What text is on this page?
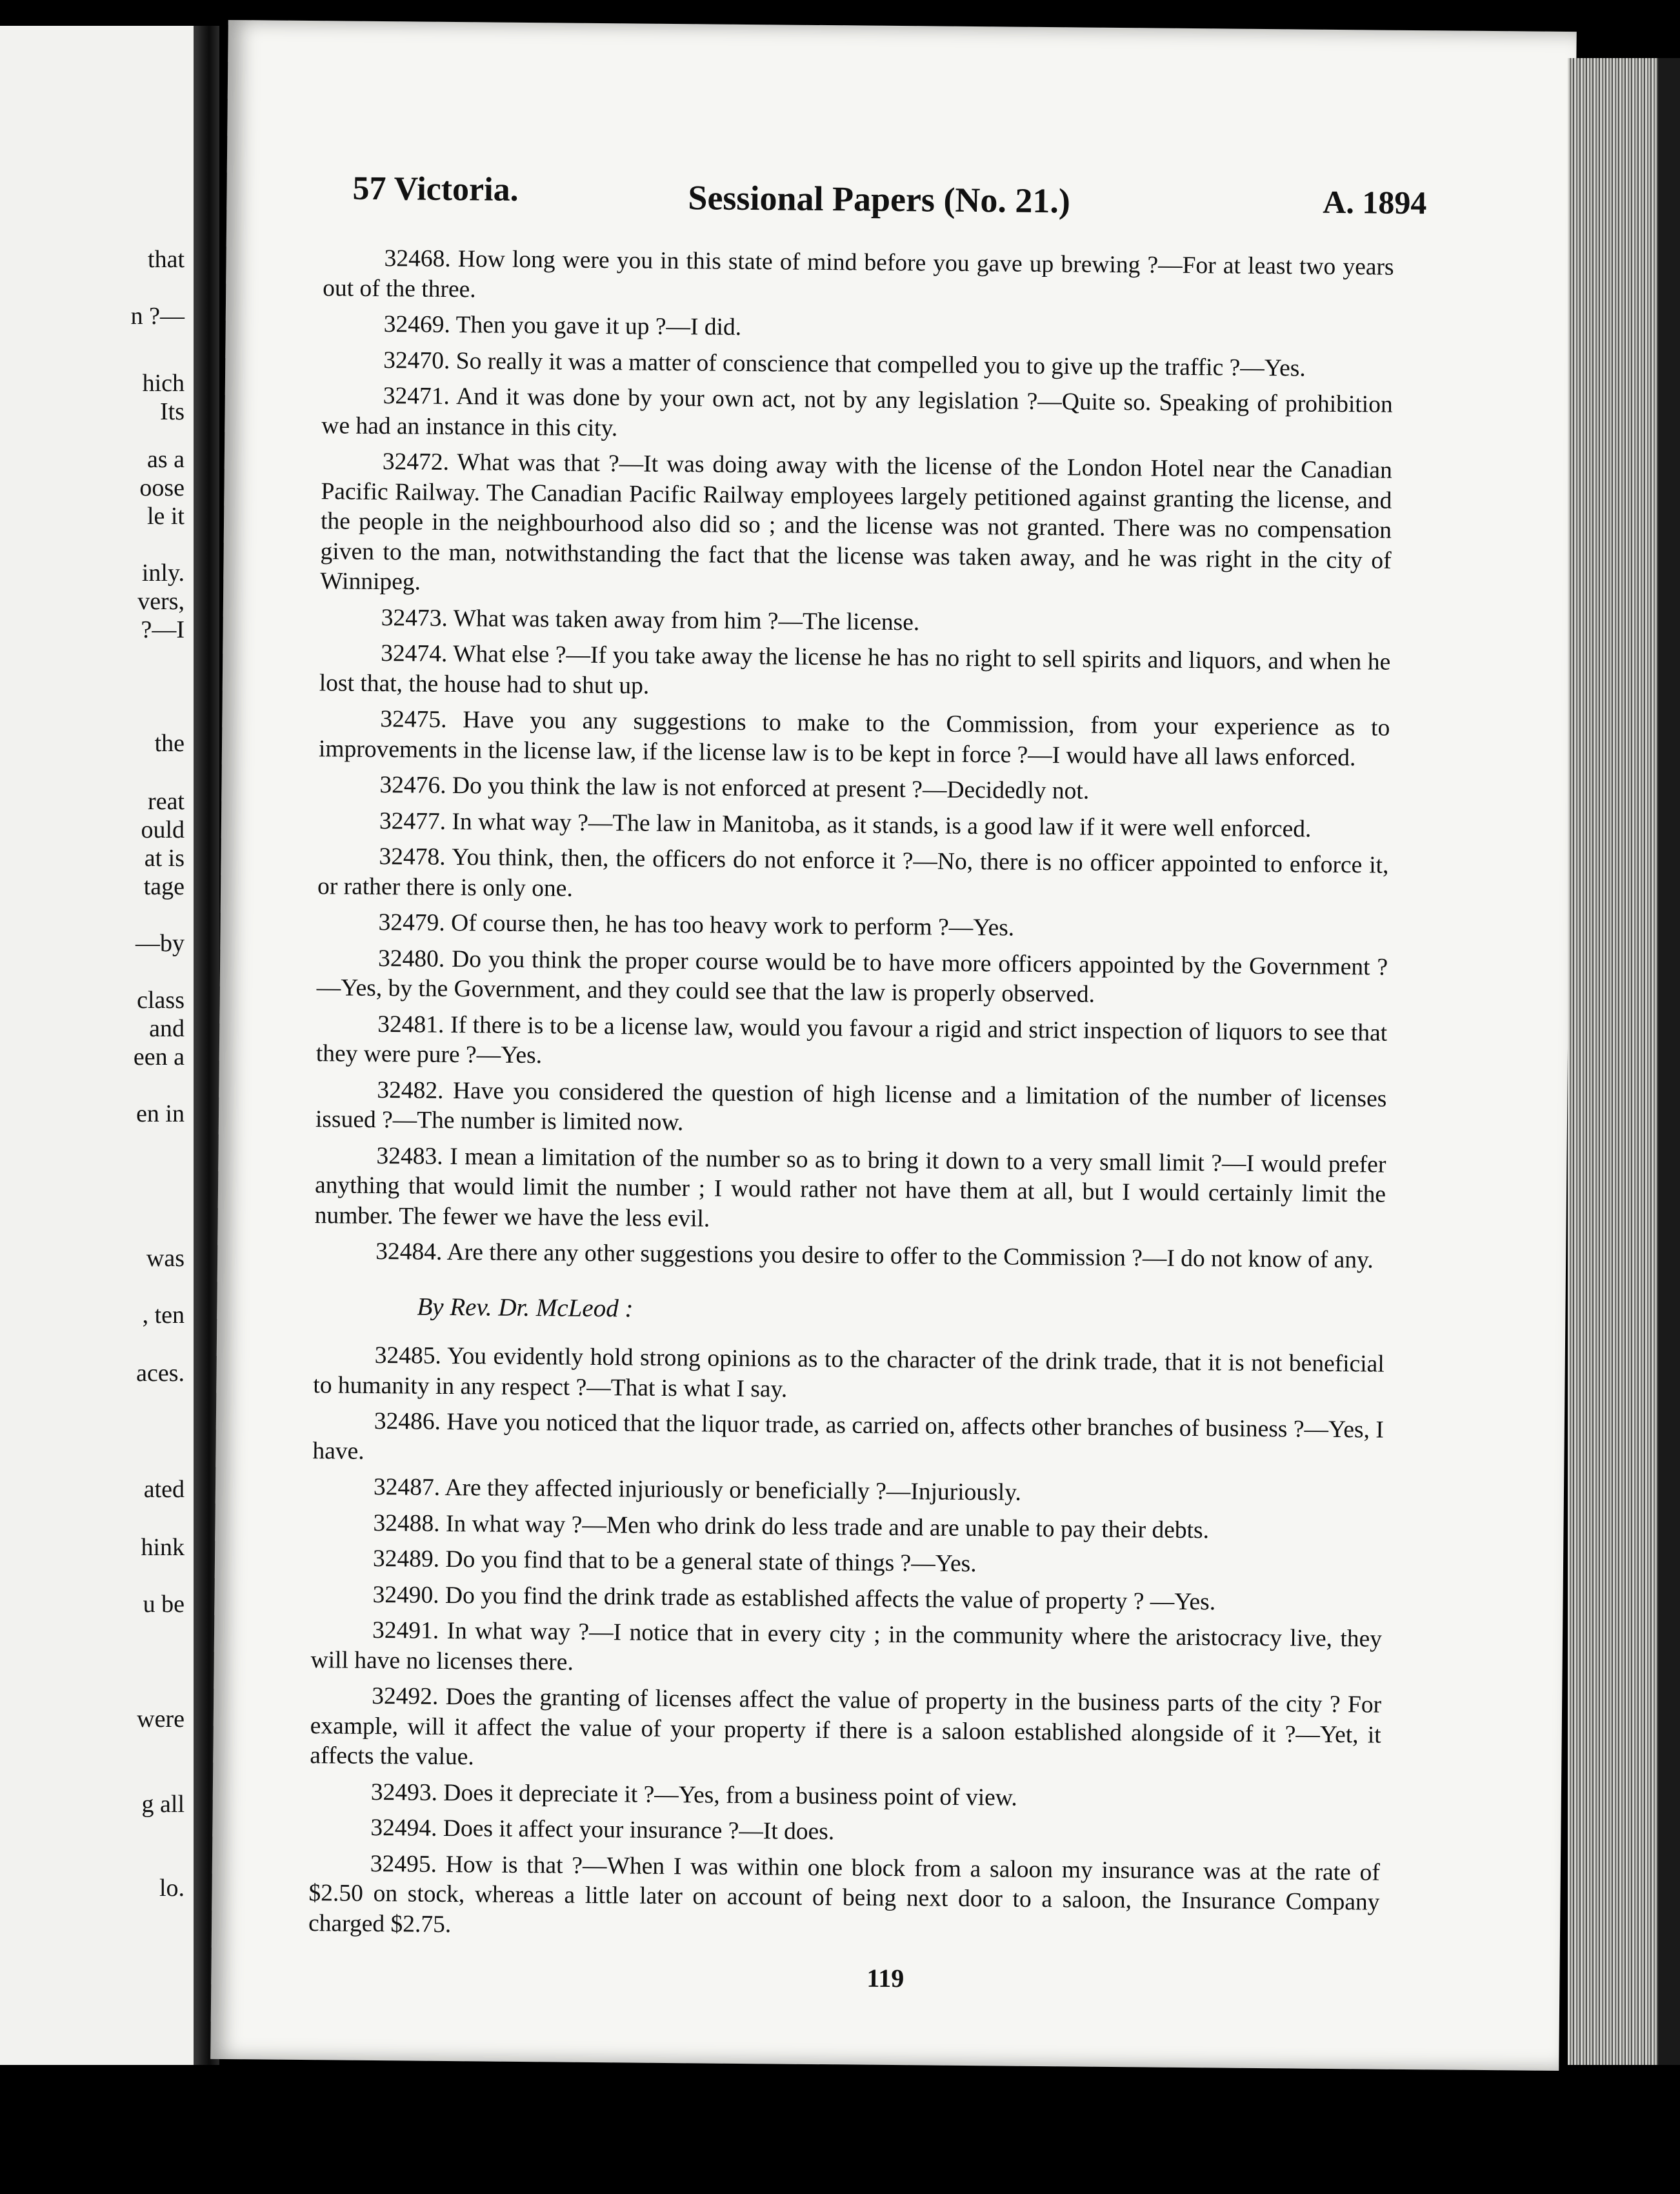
that
n ?—
hich
Its
as a
oose
le it
inly.
vers,
?—I
the
reat
ould
at is
tage
—by
class
and
een a
en in
was
, ten
aces.
ated
hink
u be
were
g all
lo.
57 Victoria.	Sessional Papers (No. 21.)	A. 1894

32468. How long were you in this state of mind before you gave up brewing ?—For at least two years out of the three.

32469. Then you gave it up ?—I did.

32470. So really it was a matter of conscience that compelled you to give up the traffic ?—Yes.

32471. And it was done by your own act, not by any legislation ?—Quite so. Speaking of prohibition we had an instance in this city.

32472. What was that ?—It was doing away with the license of the London Hotel near the Canadian Pacific Railway. The Canadian Pacific Railway employees largely petitioned against granting the license, and the people in the neighbourhood also did so ; and the license was not granted. There was no compensation given to the man, notwithstanding the fact that the license was taken away, and he was right in the city of Winnipeg.

32473. What was taken away from him ?—The license.

32474. What else ?—If you take away the license he has no right to sell spirits and liquors, and when he lost that, the house had to shut up.

32475. Have you any suggestions to make to the Commission, from your experience as to improvements in the license law, if the license law is to be kept in force ?—I would have all laws enforced.

32476. Do you think the law is not enforced at present ?—Decidedly not.

32477. In what way ?—The law in Manitoba, as it stands, is a good law if it were well enforced.

32478. You think, then, the officers do not enforce it ?—No, there is no officer appointed to enforce it, or rather there is only one.

32479. Of course then, he has too heavy work to perform ?—Yes.

32480. Do you think the proper course would be to have more officers appointed by the Government ?—Yes, by the Government, and they could see that the law is properly observed.

32481. If there is to be a license law, would you favour a rigid and strict inspection of liquors to see that they were pure ?—Yes.

32482. Have you considered the question of high license and a limitation of the number of licenses issued ?—The number is limited now.

32483. I mean a limitation of the number so as to bring it down to a very small limit ?—I would prefer anything that would limit the number ; I would rather not have them at all, but I would certainly limit the number. The fewer we have the less evil.

32484. Are there any other suggestions you desire to offer to the Commission ?—I do not know of any.

By Rev. Dr. McLeod :

32485. You evidently hold strong opinions as to the character of the drink trade, that it is not beneficial to humanity in any respect ?—That is what I say.

32486. Have you noticed that the liquor trade, as carried on, affects other branches of business ?—Yes, I have.

32487. Are they affected injuriously or beneficially ?—Injuriously.

32488. In what way ?—Men who drink do less trade and are unable to pay their debts.

32489. Do you find that to be a general state of things ?—Yes.

32490. Do you find the drink trade as established affects the value of property ? —Yes.

32491. In what way ?—I notice that in every city ; in the community where the aristocracy live, they will have no licenses there.

32492. Does the granting of licenses affect the value of property in the business parts of the city ? For example, will it affect the value of your property if there is a saloon established alongside of it ?—Yet, it affects the value.

32493. Does it depreciate it ?—Yes, from a business point of view.

32494. Does it affect your insurance ?—It does.

32495. How is that ?—When I was within one block from a saloon my insurance was at the rate of $2.50 on stock, whereas a little later on account of being next door to a saloon, the Insurance Company charged $2.75.

119
